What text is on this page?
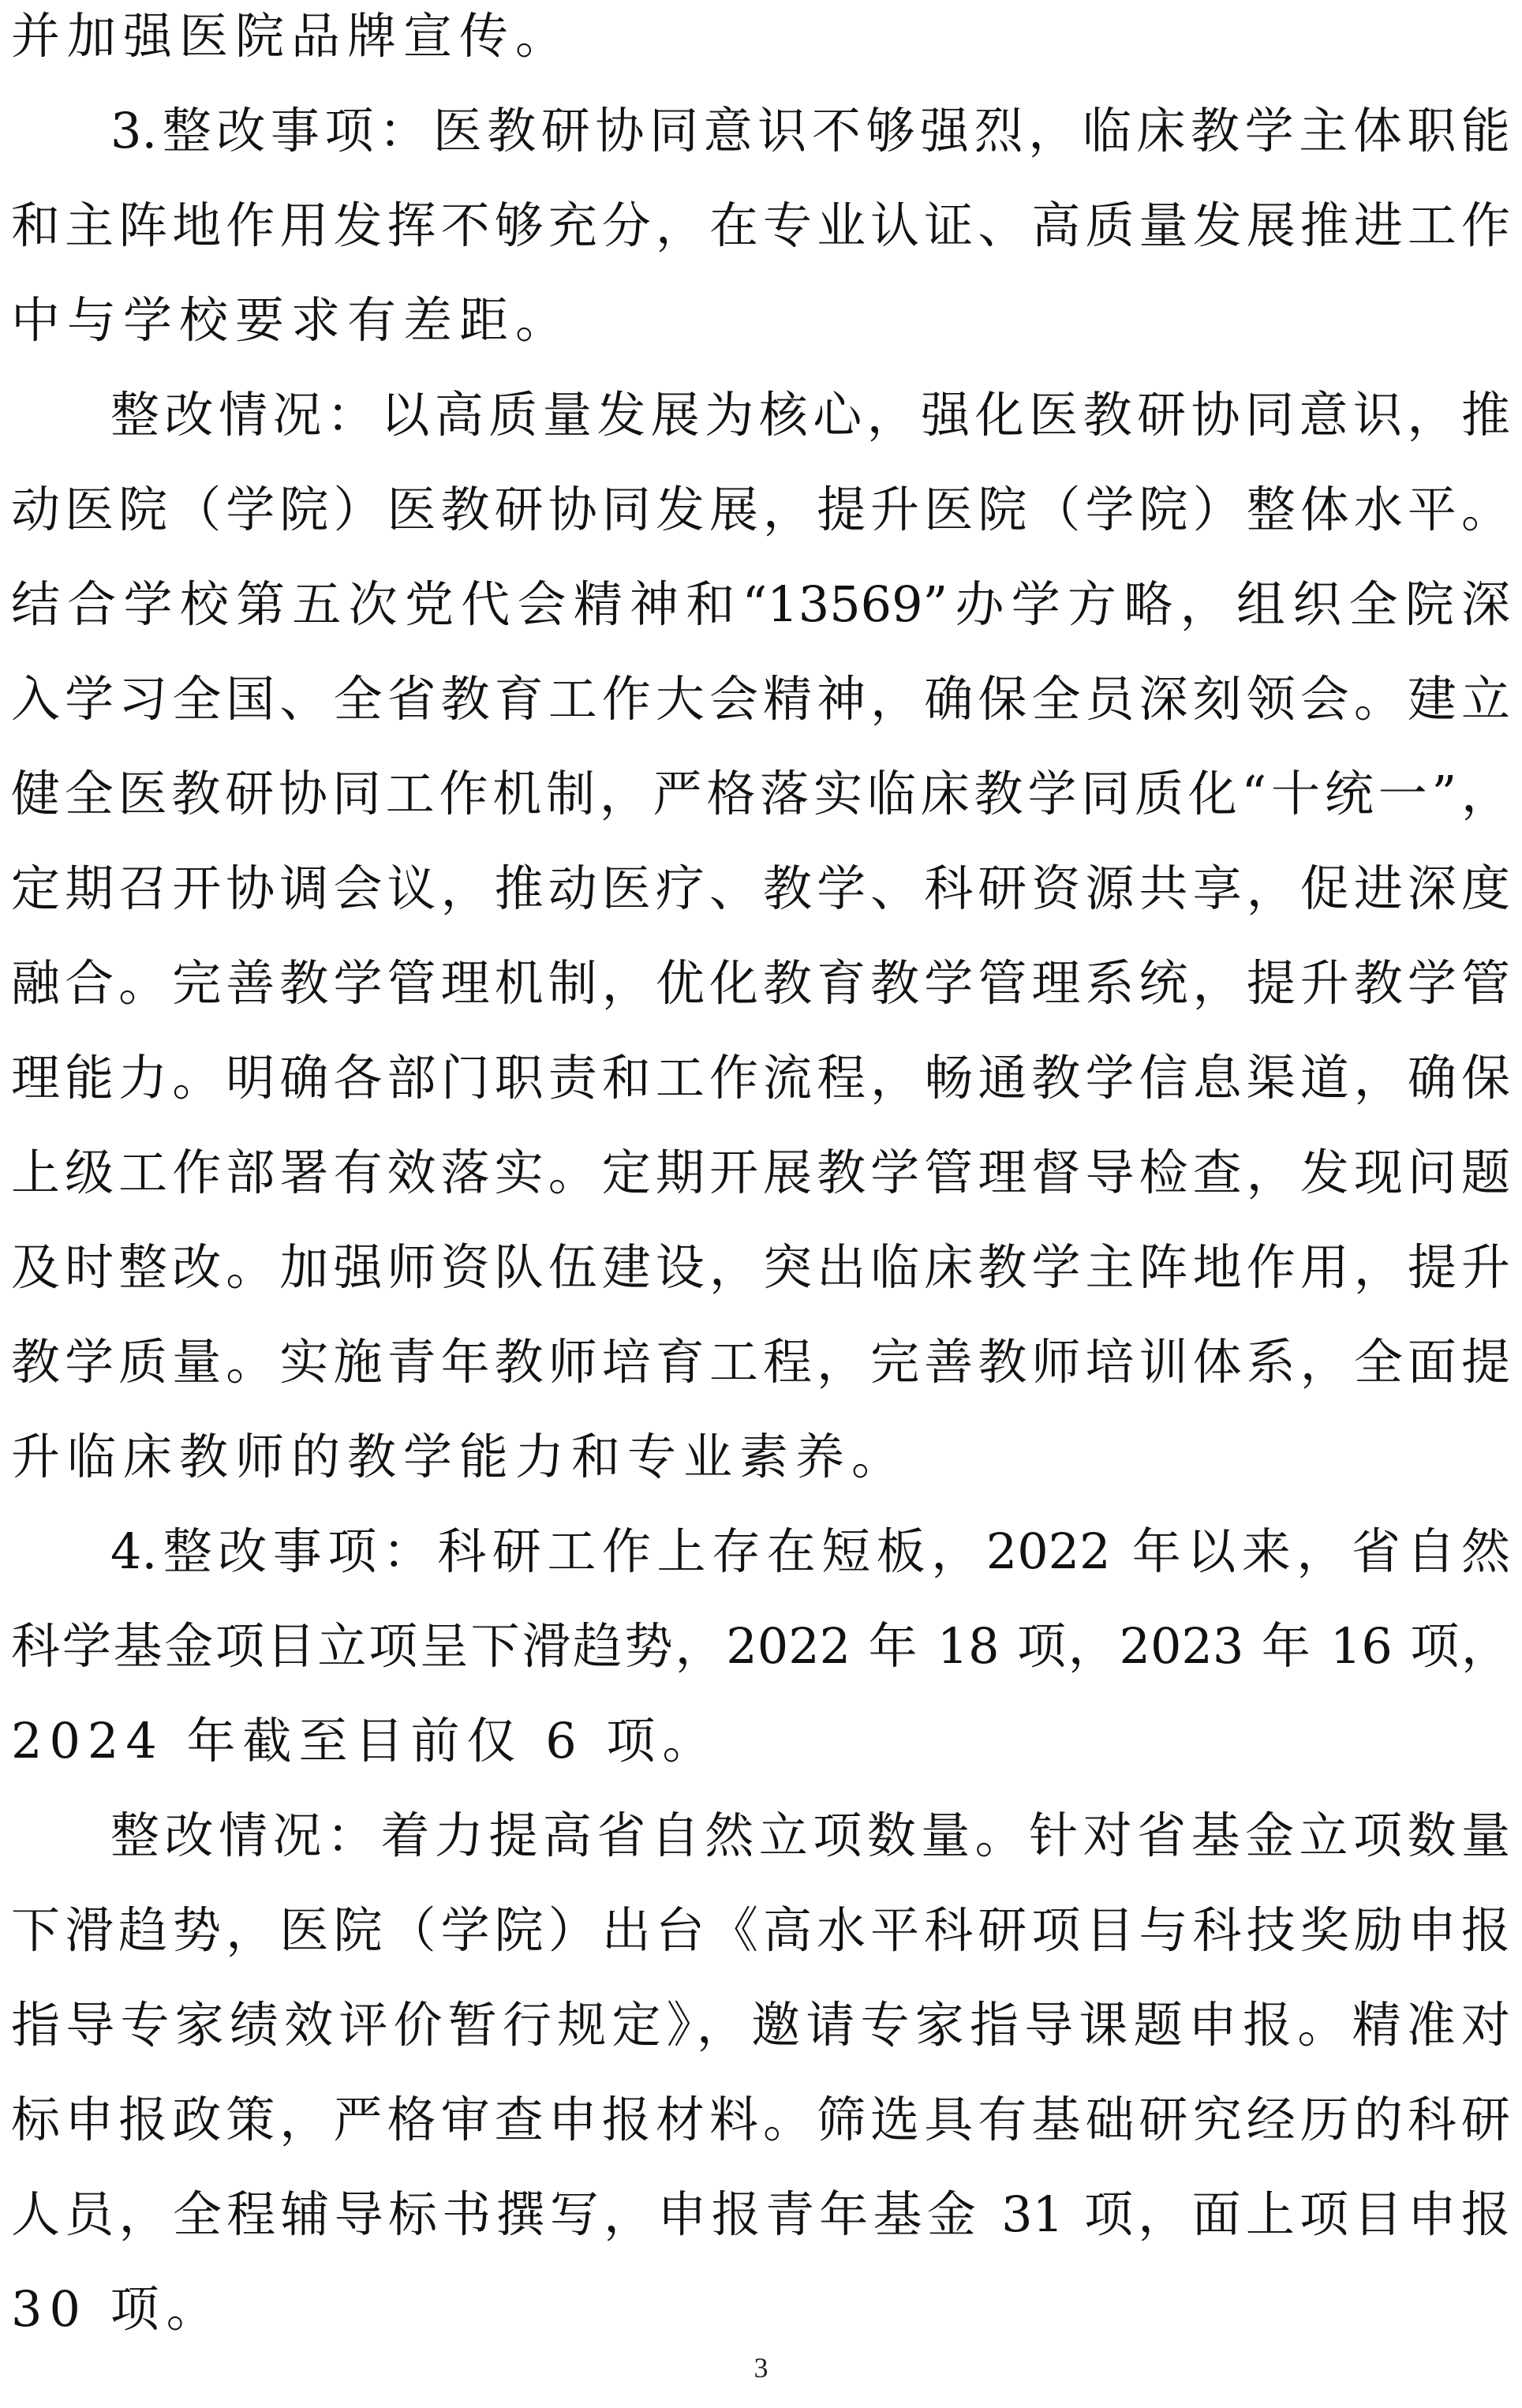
并加强医院品牌宣传。
3.整改事项：医教研协同意识不够强烈，临床教学主体职能
和主阵地作用发挥不够充分，在专业认证、高质量发展推进工作
中与学校要求有差距。
整改情况：以高质量发展为核心，强化医教研协同意识，推
动医院（学院）医教研协同发展，提升医院（学院）整体水平。
结合学校第五次党代会精神和“13569”办学方略，组织全院深
入学习全国、全省教育工作大会精神，确保全员深刻领会。建立
健全医教研协同工作机制，严格落实临床教学同质化“十统一”，
定期召开协调会议，推动医疗、教学、科研资源共享，促进深度
融合。完善教学管理机制，优化教育教学管理系统，提升教学管
理能力。明确各部门职责和工作流程，畅通教学信息渠道，确保
上级工作部署有效落实。定期开展教学管理督导检查，发现问题
及时整改。加强师资队伍建设，突出临床教学主阵地作用，提升
教学质量。实施青年教师培育工程，完善教师培训体系，全面提
升临床教师的教学能力和专业素养。
4.整改事项：科研工作上存在短板，2022 年以来，省自然
科学基金项目立项呈下滑趋势，2022 年 18 项，2023 年 16 项，
2024 年截至目前仅 6 项。
整改情况：着力提高省自然立项数量。针对省基金立项数量
下滑趋势，医院（学院）出台《高水平科研项目与科技奖励申报
指导专家绩效评价暂行规定》，邀请专家指导课题申报。精准对
标申报政策，严格审查申报材料。筛选具有基础研究经历的科研
人员，全程辅导标书撰写，申报青年基金 31 项，面上项目申报
30 项。
3
